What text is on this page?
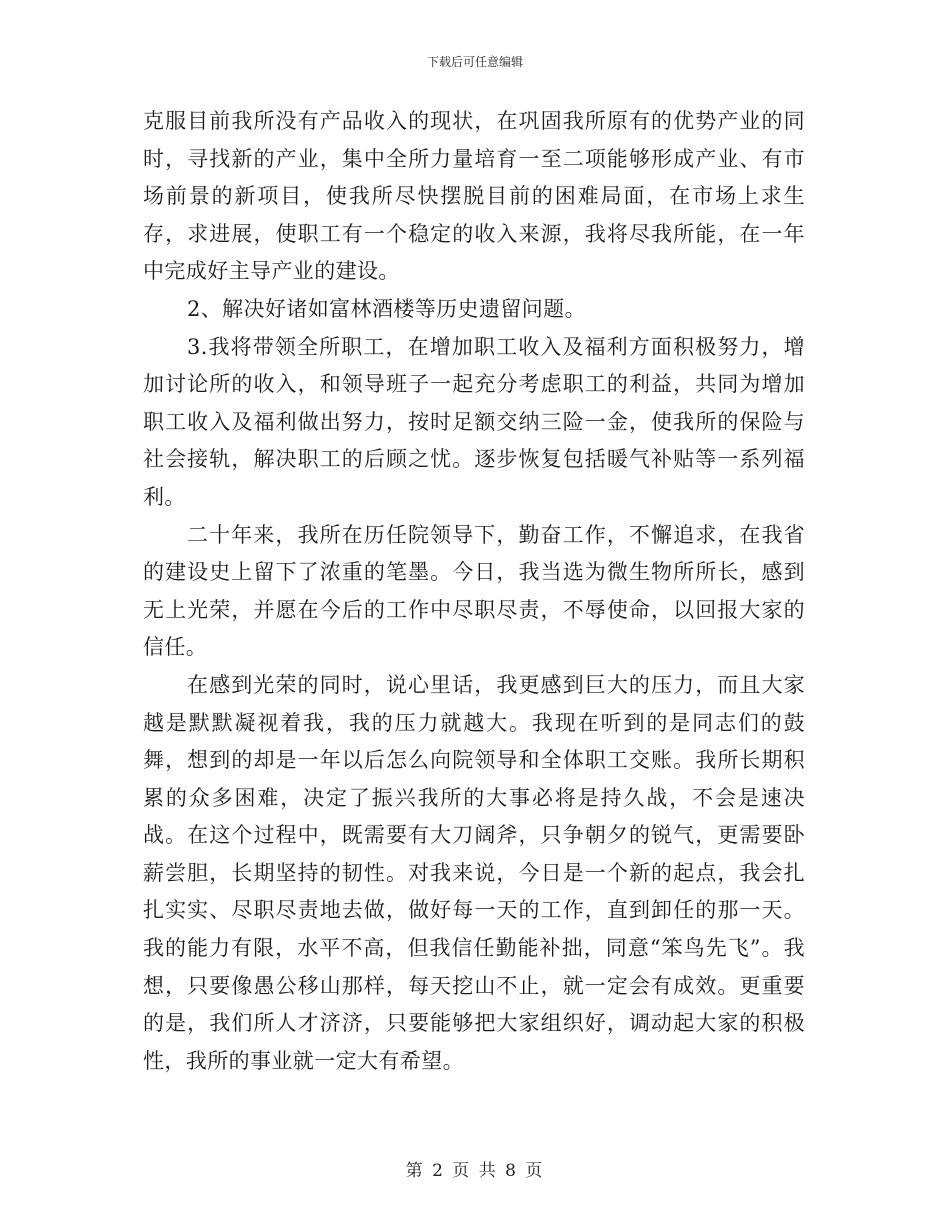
下载后可任意编辑

克服目前我所没有产品收入的现状，在巩固我所原有的优势产业的同时，寻找新的产业，集中全所力量培育一至二项能够形成产业、有市场前景的新项目，使我所尽快摆脱目前的困难局面，在市场上求生存，求进展，使职工有一个稳定的收入来源，我将尽我所能，在一年中完成好主导产业的建设。

2、解决好诸如富林酒楼等历史遗留问题。

3.我将带领全所职工，在增加职工收入及福利方面积极努力，增加讨论所的收入，和领导班子一起充分考虑职工的利益，共同为增加职工收入及福利做出努力，按时足额交纳三险一金，使我所的保险与社会接轨，解决职工的后顾之忧。逐步恢复包括暖气补贴等一系列福利。

二十年来，我所在历任院领导下，勤奋工作，不懈追求，在我省的建设史上留下了浓重的笔墨。今日，我当选为微生物所所长，感到无上光荣，并愿在今后的工作中尽职尽责，不辱使命，以回报大家的信任。

在感到光荣的同时，说心里话，我更感到巨大的压力，而且大家越是默默凝视着我，我的压力就越大。我现在听到的是同志们的鼓舞，想到的却是一年以后怎么向院领导和全体职工交账。我所长期积累的众多困难，决定了振兴我所的大事必将是持久战，不会是速决战。在这个过程中，既需要有大刀阔斧，只争朝夕的锐气，更需要卧薪尝胆，长期坚持的韧性。对我来说，今日是一个新的起点，我会扎扎实实、尽职尽责地去做，做好每一天的工作，直到卸任的那一天。我的能力有限，水平不高，但我信任勤能补拙，同意“笨鸟先飞”。我想，只要像愚公移山那样，每天挖山不止，就一定会有成效。更重要的是，我们所人才济济，只要能够把大家组织好，调动起大家的积极性，我所的事业就一定大有希望。

第 2 页 共 8 页
